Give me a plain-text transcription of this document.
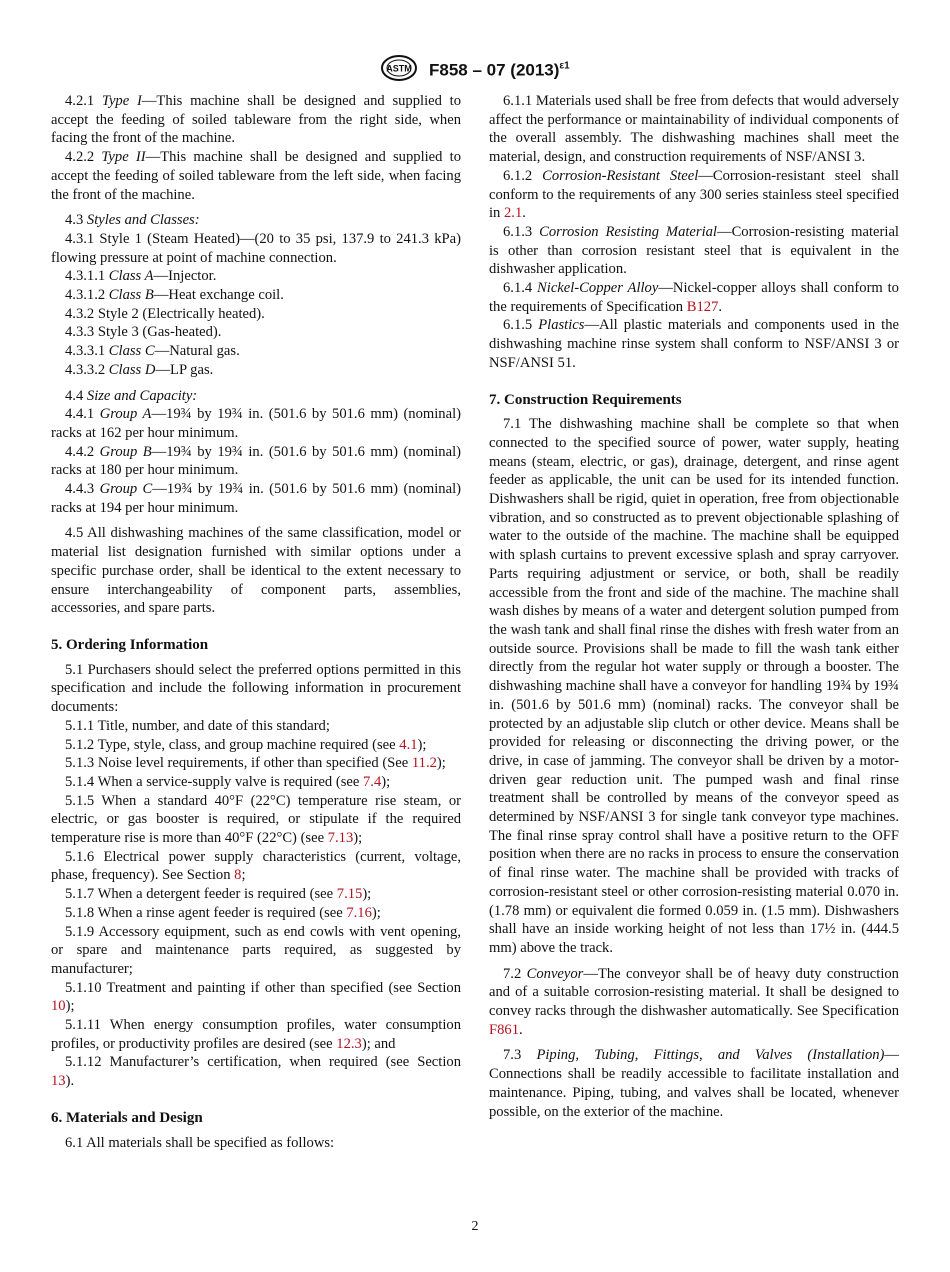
ASTM F858 – 07 $(2013)^{\varepsilon 1}$

4.2.1 Type I—This machine shall be designed and supplied to accept the feeding of soiled tableware from the right side, when facing the front of the machine.

4.2.2 Type II—This machine shall be designed and supplied to accept the feeding of soiled tableware from the left side, when facing the front of the machine.

4.3 Styles and Classes:

4.3.1 Style 1 (Steam Heated)—(20 to 35 psi, 137.9 to 241.3 kPa) flowing pressure at point of machine connection.

4.3.1.1 Class A—Injector.

4.3.1.2 Class B—Heat exchange coil.

4.3.2 Style 2 (Electrically heated).

4.3.3 Style 3 (Gas-heated).

4.3.3.1 Class C—Natural gas.

4.3.3.2 Class D—LP gas.

4.4 Size and Capacity:

4.4.1 Group A—19¾ by 19¾ in. (501.6 by 501.6 mm) (nominal) racks at 162 per hour minimum.

4.4.2 Group B—19¾ by 19¾ in. (501.6 by 501.6 mm) (nominal) racks at 180 per hour minimum.

4.4.3 Group C—19¾ by 19¾ in. (501.6 by 501.6 mm) (nominal) racks at 194 per hour minimum.

4.5 All dishwashing machines of the same classification, model or material list designation furnished with similar options under a specific purchase order, shall be identical to the extent necessary to ensure interchangeability of component parts, assemblies, accessories, and spare parts.

5. Ordering Information

5.1 Purchasers should select the preferred options permitted in this specification and include the following information in procurement documents:

5.1.1 Title, number, and date of this standard;

5.1.2 Type, style, class, and group machine required (see 4.1);

5.1.3 Noise level requirements, if other than specified (See 11.2);

5.1.4 When a service-supply valve is required (see 7.4);

5.1.5 When a standard 40°F (22°C) temperature rise steam, or electric, or gas booster is required, or stipulate if the required temperature rise is more than 40°F (22°C) (see 7.13);

5.1.6 Electrical power supply characteristics (current, voltage, phase, frequency). See Section 8;

5.1.7 When a detergent feeder is required (see 7.15);

5.1.8 When a rinse agent feeder is required (see 7.16);

5.1.9 Accessory equipment, such as end cowls with vent opening, or spare and maintenance parts required, as suggested by manufacturer;

5.1.10 Treatment and painting if other than specified (see Section 10);

5.1.11 When energy consumption profiles, water consumption profiles, or productivity profiles are desired (see 12.3); and

5.1.12 Manufacturer’s certification, when required (see Section 13).

6. Materials and Design

6.1 All materials shall be specified as follows:

6.1.1 Materials used shall be free from defects that would adversely affect the performance or maintainability of individual components of the overall assembly. The dishwashing machines shall meet the material, design, and construction requirements of NSF/ANSI 3.

6.1.2 Corrosion-Resistant Steel—Corrosion-resistant steel shall conform to the requirements of any 300 series stainless steel specified in 2.1.

6.1.3 Corrosion Resisting Material—Corrosion-resisting material is other than corrosion resistant steel that is equivalent in the dishwasher application.

6.1.4 Nickel-Copper Alloy—Nickel-copper alloys shall conform to the requirements of Specification B127.

6.1.5 Plastics—All plastic materials and components used in the dishwashing machine rinse system shall conform to NSF/ANSI 3 or NSF/ANSI 51.

7. Construction Requirements

7.1 The dishwashing machine shall be complete so that when connected to the specified source of power, water supply, heating means (steam, electric, or gas), drainage, detergent, and rinse agent feeder as applicable, the unit can be used for its intended function. Dishwashers shall be rigid, quiet in operation, free from objectionable vibration, and so constructed as to prevent objectionable splashing of water to the outside of the machine. The machine shall be equipped with splash curtains to prevent excessive splash and spray carryover. Parts requiring adjustment or service, or both, shall be readily accessible from the front and side of the machine. The machine shall wash dishes by means of a water and detergent solution pumped from the wash tank and shall final rinse the dishes with fresh water from an outside source. Provisions shall be made to fill the wash tank either directly from the regular hot water supply or through a booster. The dishwashing machine shall have a conveyor for handling 19¾ by 19¾ in. (501.6 by 501.6 mm) (nominal) racks. The conveyor shall be protected by an adjustable slip clutch or other device. Means shall be provided for releasing or disconnecting the driving power, or the drive, in case of jamming. The conveyor shall be driven by a motor-driven gear reduction unit. The pumped wash and final rinse treatment shall be controlled by means of the conveyor speed as determined by NSF/ANSI 3 for single tank conveyor type machines. The final rinse spray control shall have a positive return to the OFF position when there are no racks in process to ensure the conservation of final rinse water. The machine shall be provided with tracks of corrosion-resistant steel or other corrosion-resisting material 0.070 in. (1.78 mm) or equivalent die formed 0.059 in. (1.5 mm). Dishwashers shall have an inside working height of not less than 17½ in. (444.5 mm) above the track.

7.2 Conveyor—The conveyor shall be of heavy duty construction and of a suitable corrosion-resisting material. It shall be designed to convey racks through the dishwasher automatically. See Specification F861.

7.3 Piping, Tubing, Fittings, and Valves (Installation)—Connections shall be readily accessible to facilitate installation and maintenance. Piping, tubing, and valves shall be located, whenever possible, on the exterior of the machine.

2
